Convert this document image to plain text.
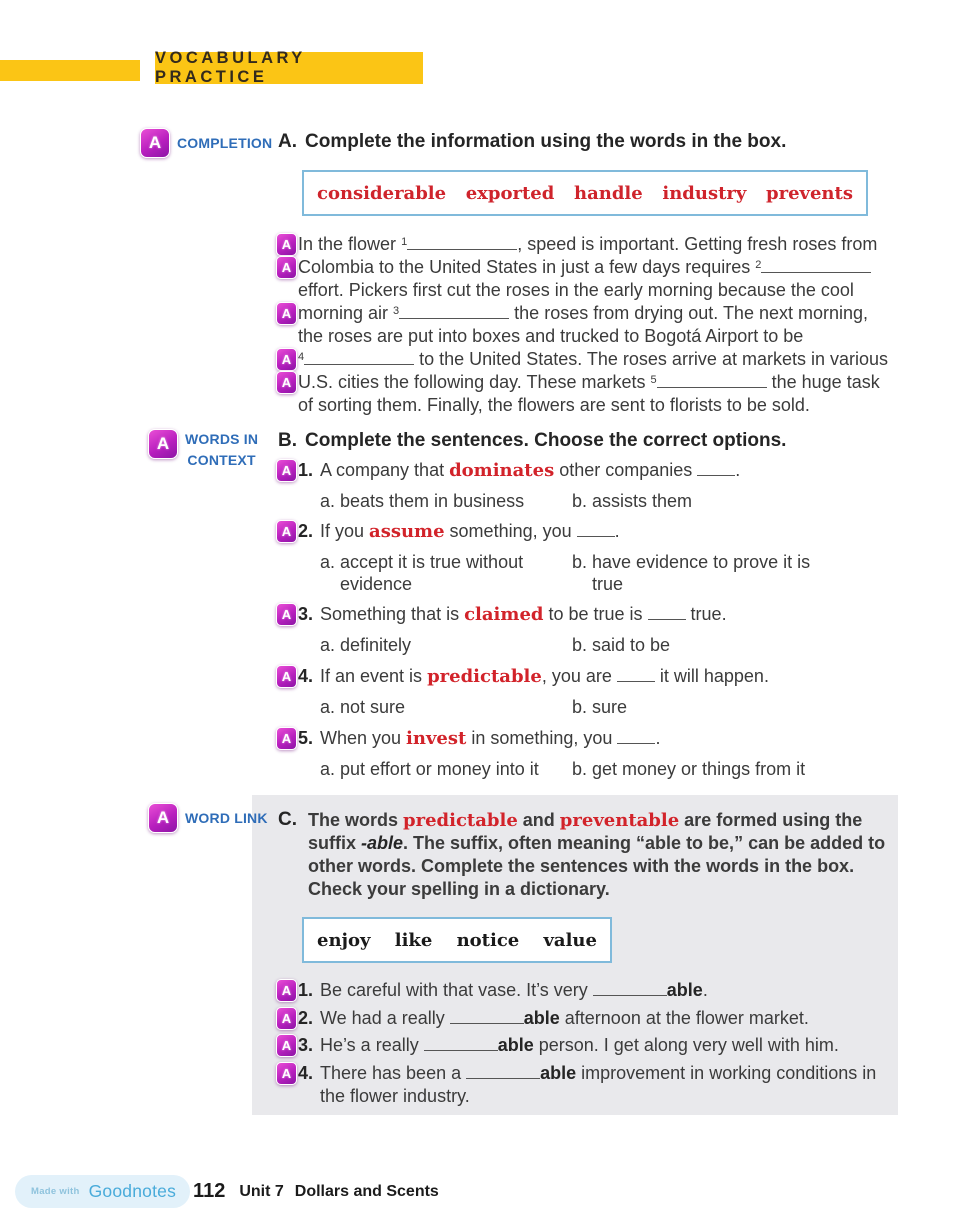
VOCABULARY PRACTICE
A	COMPLETION A. Complete the information using the words in the box.
considerable exported handle industry prevents
A In the flower $^1$	, speed is important. Getting fresh roses from
A Colombia to the United States in just a few days requires $^2$
effort. Pickers first cut the roses in the early morning because the cool
A morning air $^3$	the roses from drying out. The next morning,
the roses are put into boxes and trucked to Bogotá Airport to be
A $^4$	to the United States. The roses arrive at markets in various
A U.S. cities the following day. These markets $^5$	the huge task
of sorting them. Finally, the flowers are sent to florists to be sold.
A	WORDS IN
CONTEXT
B. Complete the sentences. Choose the correct options.
A 1. A company that dominates other companies .
a. beats them in business	b. assists them
A 2. If you assume something, you .
a. accept it is true without evidence
b. have evidence to prove it is true
A 3. Something that is claimed to be true is  true.
a. definitely	b. said to be
A 4. If an event is predictable, you are  it will happen.
a. not sure	b. sure
A 5. When you invest in something, you .
a. put effort or money into it b. get money or things from it
A	WORD LINK C. The words predictable and preventable are formed using the suffix -able. The suffix, often meaning “able to be,” can be added to other words. Complete the sentences with the words in the box. Check your spelling in a dictionary.
enjoy like notice value
A 1. Be careful with that vase. It’s very	able.
A 2. We had a really	able afternoon at the flower market.
A 3. He’s a really	able person. I get along very well with him.
A 4. There has been a	able improvement in working conditions in the flower industry.
Made with Goodnotes 112 Unit 7 Dollars and Scents
